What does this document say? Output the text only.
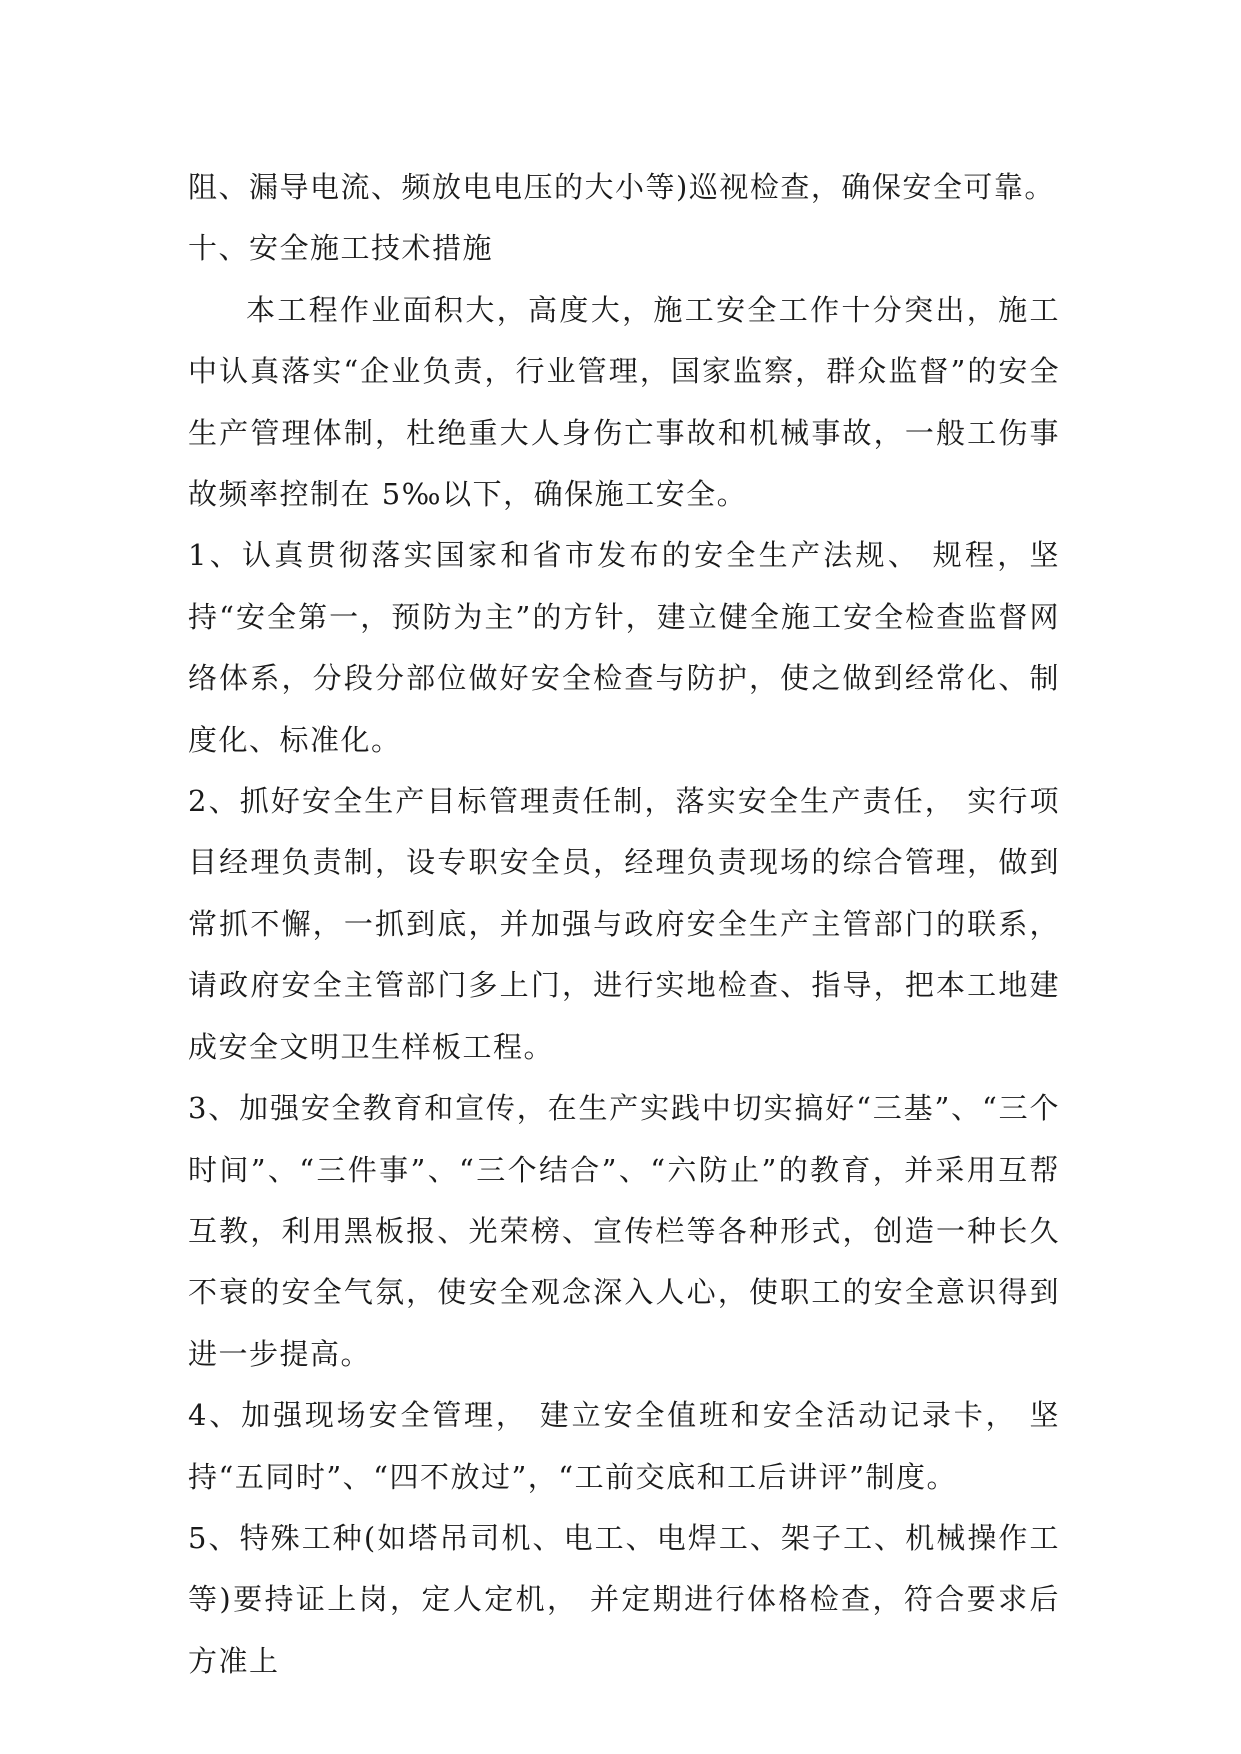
阻、漏导电流、频放电电压的大小等)巡视检查，确保安全可靠。

十、安全施工技术措施

本工程作业面积大，高度大，施工安全工作十分突出，施工中认真落实“企业负责，行业管理，国家监察，群众监督”的安全生产管理体制，杜绝重大人身伤亡事故和机械事故，一般工伤事故频率控制在 5‰以下，确保施工安全。

1、认真贯彻落实国家和省市发布的安全生产法规、 规程，坚持“安全第一，预防为主”的方针，建立健全施工安全检查监督网络体系，分段分部位做好安全检查与防护，使之做到经常化、制度化、标准化。

2、抓好安全生产目标管理责任制，落实安全生产责任， 实行项目经理负责制，设专职安全员，经理负责现场的综合管理，做到常抓不懈，一抓到底，并加强与政府安全生产主管部门的联系，请政府安全主管部门多上门，进行实地检查、指导，把本工地建成安全文明卫生样板工程。

3、加强安全教育和宣传，在生产实践中切实搞好“三基”、“三个时间”、“三件事”、“三个结合”、“六防止”的教育，并采用互帮互教，利用黑板报、光荣榜、宣传栏等各种形式，创造一种长久不衰的安全气氛，使安全观念深入人心，使职工的安全意识得到进一步提高。

4、加强现场安全管理， 建立安全值班和安全活动记录卡， 坚持“五同时”、“四不放过”，“工前交底和工后讲评”制度。

5、特殊工种(如塔吊司机、电工、电焊工、架子工、机械操作工等)要持证上岗，定人定机， 并定期进行体格检查，符合要求后方准上
